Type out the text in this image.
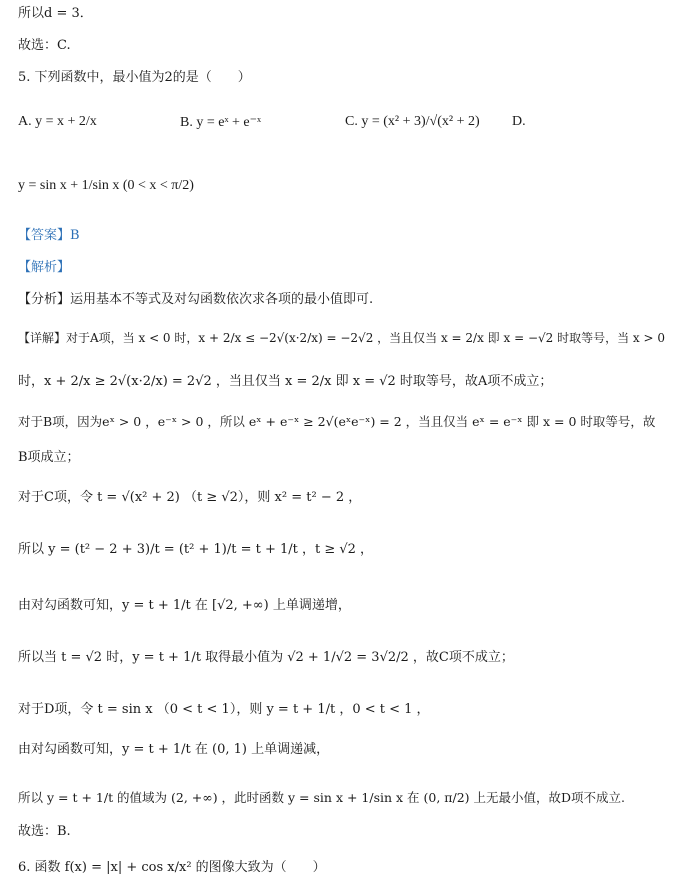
所以d = 3．
故选：C.
5. 下列函数中，最小值为2的是（　　）
A. y = x + 2/x	B. y = eˣ + e⁻ˣ	C. y = (x² + 3)/√(x² + 2) D.
y = sin x + 1/sin x (0 < x < π/2)
【答案】B
【解析】
【分析】运用基本不等式及对勾函数依次求各项的最小值即可.
【详解】对于A项，当 x < 0 时，x + 2/x ≤ −2√(x·2/x) = −2√2 ，当且仅当 x = 2/x 即 x = −√2 时取等号，当 x > 0
时，x + 2/x ≥ 2√(x·2/x) = 2√2 ，当且仅当 x = 2/x 即 x = √2 时取等号，故A项不成立；
对于B项，因为eˣ > 0 ，e⁻ˣ > 0 ，所以 eˣ + e⁻ˣ ≥ 2√(eˣe⁻ˣ) = 2 ，当且仅当 eˣ = e⁻ˣ 即 x = 0 时取等号，故
B项成立；
对于C项，令 t = √(x² + 2) （t ≥ √2），则 x² = t² − 2 ，
所以 y = (t² − 2 + 3)/t = (t² + 1)/t = t + 1/t ，t ≥ √2 ，
由对勾函数可知，y = t + 1/t 在 [√2, +∞) 上单调递增，
所以当 t = √2 时，y = t + 1/t 取得最小值为 √2 + 1/√2 = 3√2/2 ，故C项不成立；
对于D项，令 t = sin x （0 < t < 1），则 y = t + 1/t ，0 < t < 1 ，
由对勾函数可知，y = t + 1/t 在 (0, 1) 上单调递减，
所以 y = t + 1/t 的值域为 (2, +∞) ，此时函数 y = sin x + 1/sin x 在 (0, π/2) 上无最小值，故D项不成立.
故选：B.
6. 函数 f(x) = |x| + cos x/x² 的图像大致为（　　）
